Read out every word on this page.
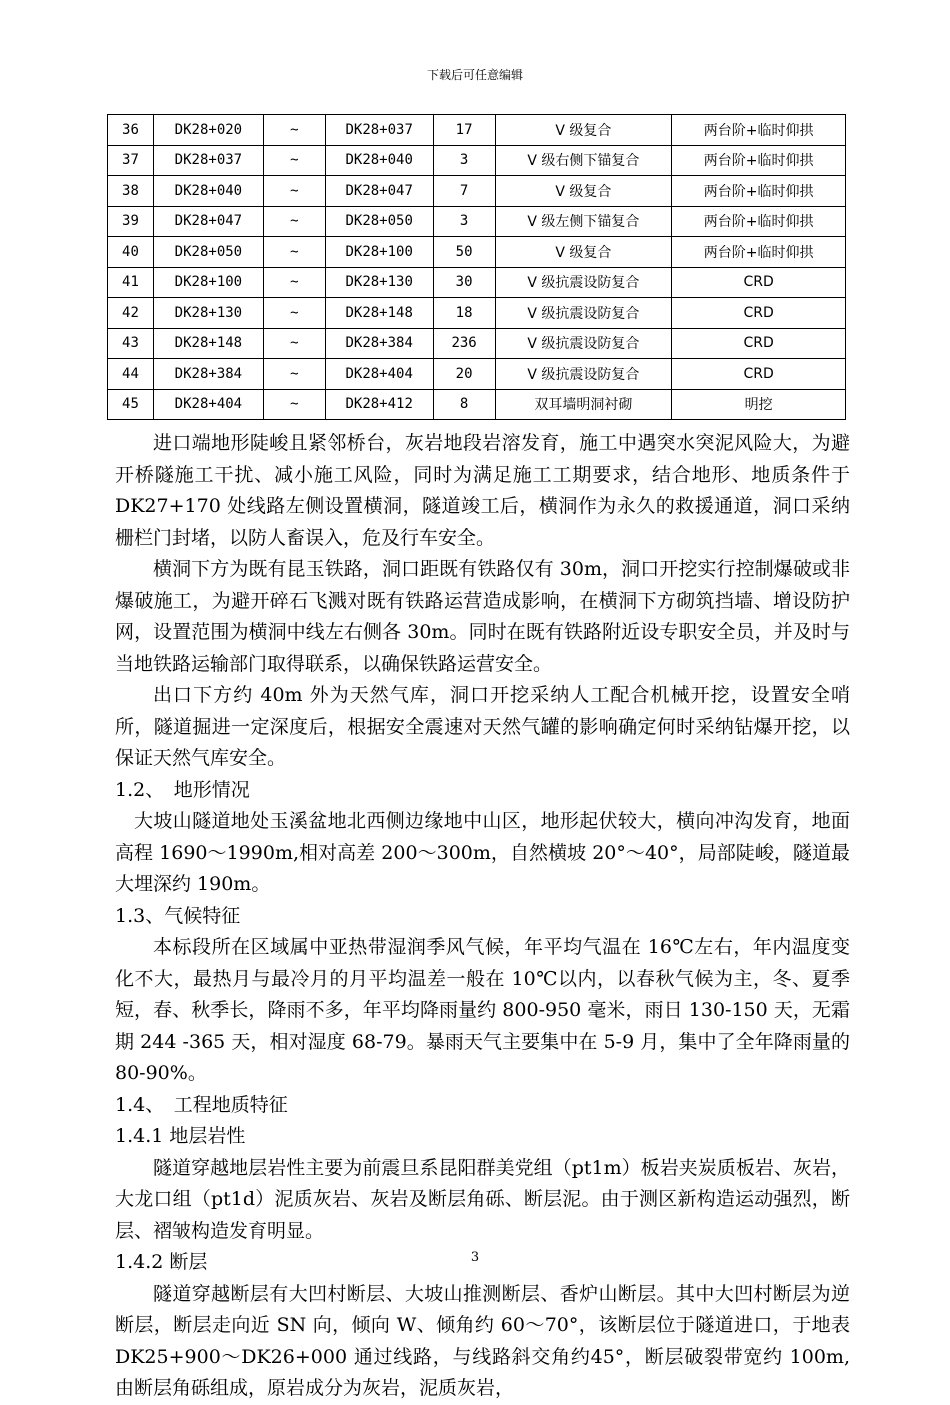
下载后可任意编辑
36	DK28+020	~	DK28+037	17	Ⅴ 级复合	两台阶+临时仰拱
37	DK28+037	~	DK28+040	3	Ⅴ 级右侧下锚复合	两台阶+临时仰拱
38	DK28+040	~	DK28+047	7	Ⅴ 级复合	两台阶+临时仰拱
39	DK28+047	~	DK28+050	3	Ⅴ 级左侧下锚复合	两台阶+临时仰拱
40	DK28+050	~	DK28+100	50	Ⅴ 级复合	两台阶+临时仰拱
41	DK28+100	~	DK28+130	30	Ⅴ 级抗震设防复合	CRD
42	DK28+130	~	DK28+148	18	Ⅴ 级抗震设防复合	CRD
43	DK28+148	~	DK28+384	236	Ⅴ 级抗震设防复合	CRD
44	DK28+384	~	DK28+404	20	Ⅴ 级抗震设防复合	CRD
45	DK28+404	~	DK28+412	8	双耳墙明洞衬砌	明挖

进口端地形陡峻且紧邻桥台，灰岩地段岩溶发育，施工中遇突水突泥风险大，为避开桥隧施工干扰、减小施工风险，同时为满足施工工期要求，结合地形、地质条件于 DK27+170 处线路左侧设置横洞，隧道竣工后，横洞作为永久的救援通道，洞口采纳栅栏门封堵，以防人畜误入，危及行车安全。

横洞下方为既有昆玉铁路，洞口距既有铁路仅有 30m，洞口开挖实行控制爆破或非爆破施工，为避开碎石飞溅对既有铁路运营造成影响，在横洞下方砌筑挡墙、增设防护网，设置范围为横洞中线左右侧各 30m。同时在既有铁路附近设专职安全员，并及时与当地铁路运输部门取得联系，以确保铁路运营安全。

出口下方约 40m 外为天然气库，洞口开挖采纳人工配合机械开挖，设置安全哨所，隧道掘进一定深度后，根据安全震速对天然气罐的影响确定何时采纳钻爆开挖，以保证天然气库安全。

1.2、　地形情况

大坡山隧道地处玉溪盆地北西侧边缘地中山区，地形起伏较大，横向冲沟发育，地面高程 1690～1990m,相对高差 200～300m，自然横坡 20°～40°，局部陡峻，隧道最大埋深约 190m。

1.3、气候特征

本标段所在区域属中亚热带湿润季风气候，年平均气温在 16℃左右，年内温度变化不大，最热月与最冷月的月平均温差一般在 10℃以内，以春秋气候为主，冬、夏季短，春、秋季长，降雨不多，年平均降雨量约 800-950 毫米，雨日 130-150 天，无霜期 244 -365 天，相对湿度 68-79。暴雨天气主要集中在 5-9 月，集中了全年降雨量的 80-90%。

1.4、　工程地质特征

1.4.1 地层岩性

隧道穿越地层岩性主要为前震旦系昆阳群美党组（pt1m）板岩夹炭质板岩、灰岩，大龙口组（pt1d）泥质灰岩、灰岩及断层角砾、断层泥。由于测区新构造运动强烈，断层、褶皱构造发育明显。

1.4.2 断层

隧道穿越断层有大凹村断层、大坡山推测断层、香炉山断层。其中大凹村断层为逆断层，断层走向近 SN 向，倾向 W、倾角约 60～70°，该断层位于隧道进口，于地表 DK25+900～DK26+000 通过线路，与线路斜交角约45°，断层破裂带宽约 100m,由断层角砾组成，原岩成分为灰岩，泥质灰岩，

3
